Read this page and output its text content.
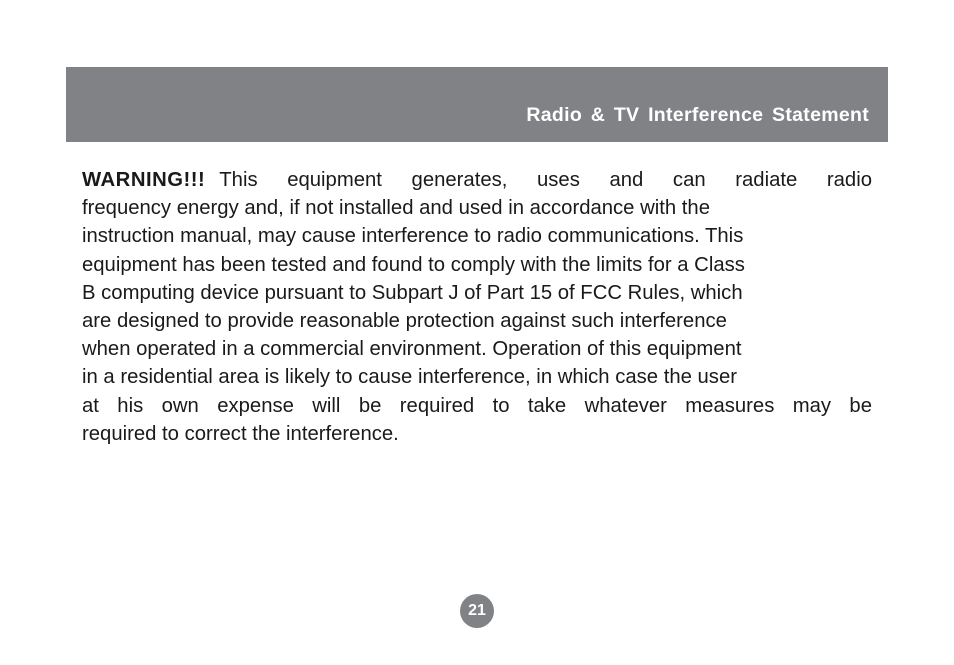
Radio & TV Interference Statement
WARNING!!! This equipment generates, uses and can radiate radio
frequency energy and, if not installed and used in accordance with the
instruction manual, may cause interference to radio communications. This
equipment has been tested and found to comply with the limits for a Class
B computing device pursuant to Subpart J of Part 15 of FCC Rules, which
are designed to provide reasonable protection against such interference
when operated in a commercial environment. Operation of this equipment
in a residential area is likely to cause interference, in which case the user
at his own expense will be required to take whatever measures may be
required to correct the interference.
21
